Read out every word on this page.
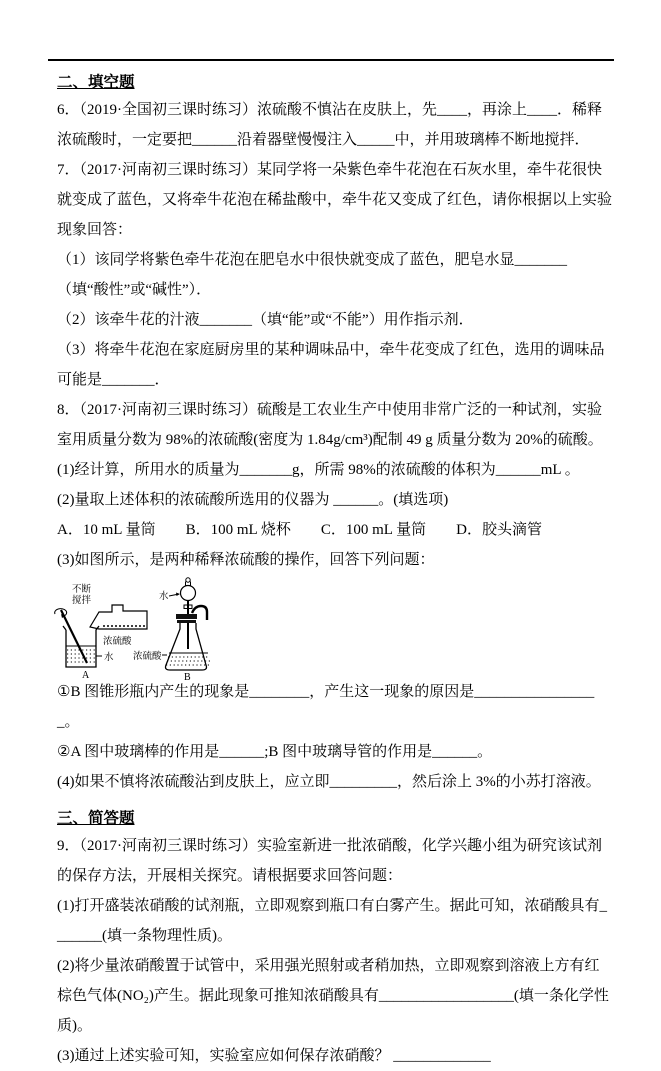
二、填空题

6．（2019·全国初三课时练习）浓硫酸不慎沾在皮肤上，先____，再涂上____．稀释浓硫酸时，一定要把______沿着器壁慢慢注入_____中，并用玻璃棒不断地搅拌．

7．（2017·河南初三课时练习）某同学将一朵紫色牵牛花泡在石灰水里，牵牛花很快就变成了蓝色，又将牵牛花泡在稀盐酸中，牵牛花又变成了红色，请你根据以上实验现象回答：

（1）该同学将紫色牵牛花泡在肥皂水中很快就变成了蓝色，肥皂水显_______（填“酸性”或“碱性”）．

（2）该牵牛花的汁液_______（填“能”或“不能”）用作指示剂．

（3）将牵牛花泡在家庭厨房里的某种调味品中，牵牛花变成了红色，选用的调味品可能是_______．

8．（2017·河南初三课时练习）硫酸是工农业生产中使用非常广泛的一种试剂，实验室用质量分数为 98%的浓硫酸(密度为 1.84g/cm³)配制 49 g 质量分数为 20%的硫酸。

(1)经计算，所用水的质量为_______g，所需 98%的浓硫酸的体积为______mL 。

(2)量取上述体积的浓硫酸所选用的仪器为 ______。(填选项)

A．10 mL 量筒　　B．100 mL 烧杯　　C．100 mL 量筒　　D．胶头滴管

(3)如图所示，是两种稀释浓硫酸的操作，回答下列问题：

不断
搅拌
浓硫酸
水
A
水
浓硫酸
B

①B 图锥形瓶内产生的现象是________，产生这一现象的原因是_________________。

②A 图中玻璃棒的作用是______;B 图中玻璃导管的作用是______。

(4)如果不慎将浓硫酸沾到皮肤上，应立即_________，然后涂上 3%的小苏打溶液。

三、简答题

9．（2017·河南初三课时练习）实验室新进一批浓硝酸，化学兴趣小组为研究该试剂的保存方法，开展相关探究。请根据要求回答问题：

(1)打开盛装浓硝酸的试剂瓶，立即观察到瓶口有白雾产生。据此可知，浓硝酸具有_______(填一条物理性质)。

(2)将少量浓硝酸置于试管中，采用强光照射或者稍加热，立即观察到溶液上方有红棕色气体(NO₂)产生。据此现象可推知浓硝酸具有__________________(填一条化学性质)。

(3)通过上述实验可知，实验室应如何保存浓硝酸？ _____________
